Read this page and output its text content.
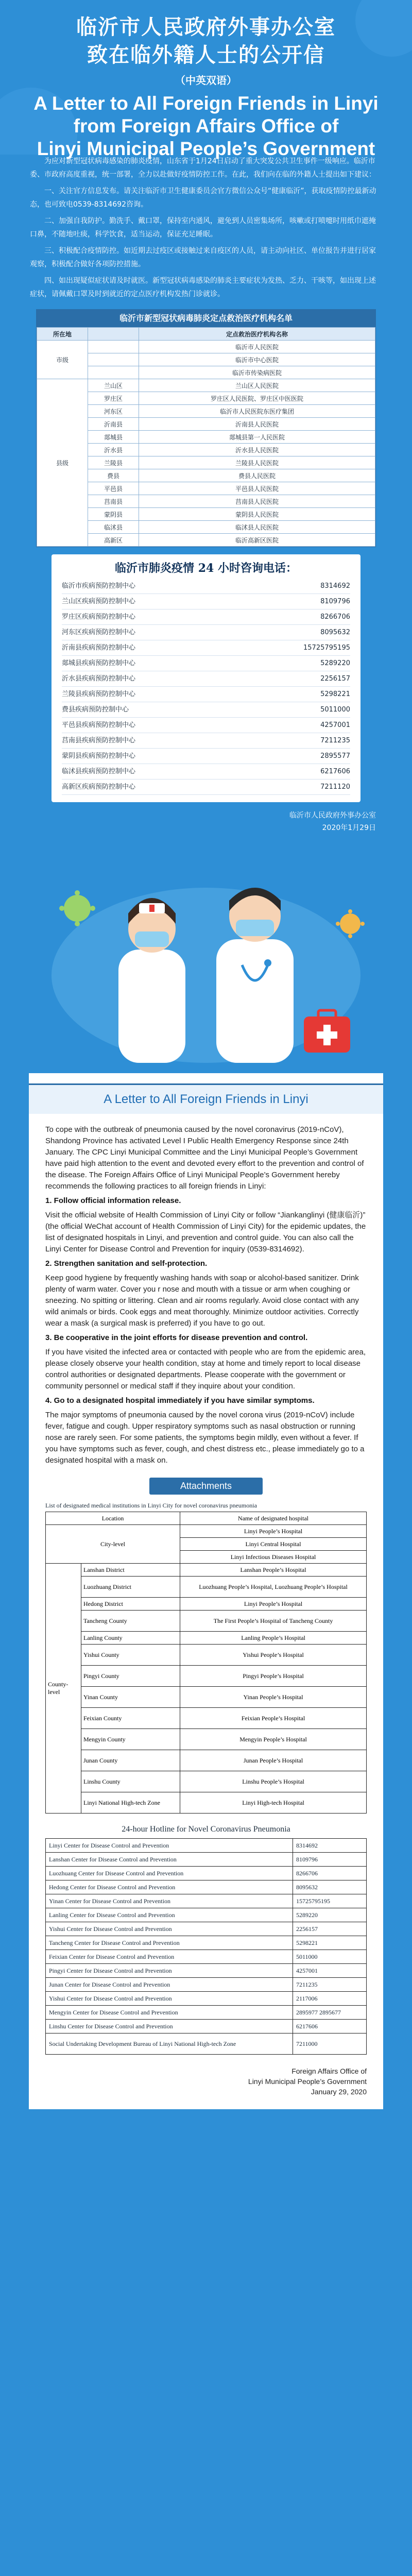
临沂市人民政府外事办公室
致在临外籍人士的公开信
（中英双语）
A Letter to All Foreign Friends in Linyi
from Foreign Affairs Office of
Linyi Municipal People’s Government

为应对新型冠状病毒感染的肺炎疫情，山东省于1月24日启动了重大突发公共卫生事件一级响应。临沂市委、市政府高度重视，统一部署，全力以赴做好疫情防控工作。在此，我们向在临的外籍人士提出如下建议：

一、关注官方信息发布。请关注临沂市卫生健康委员会官方微信公众号“健康临沂”，获取疫情防控最新动态，也可致电0539-8314692咨询。

二、加强自我防护。勤洗手、戴口罩，保持室内通风，避免到人员密集场所，咳嗽或打喷嚏时用纸巾遮掩口鼻，不随地吐痰，科学饮食，适当运动，保证充足睡眠。

三、积极配合疫情防控。如近期去过疫区或接触过来自疫区的人员，请主动向社区、单位报告并进行居家观察，积极配合做好各项防控措施。

四、如出现疑似症状请及时就医。新型冠状病毒感染的肺炎主要症状为发热、乏力、干咳等，如出现上述症状，请佩戴口罩及时到就近的定点医疗机构发热门诊就诊。

临沂市新型冠状病毒肺炎定点救治医疗机构名单
所在地		定点救治医疗机构名称
市级		临沂市人民医院
		临沂市中心医院
		临沂市传染病医院
县级	兰山区	兰山区人民医院
	罗庄区	罗庄区人民医院、罗庄区中医医院
	河东区	临沂市人民医院东医疗集团
	沂南县	沂南县人民医院
	郯城县	郯城县第一人民医院
	沂水县	沂水县人民医院
	兰陵县	兰陵县人民医院
	费县	费县人民医院
	平邑县	平邑县人民医院
	莒南县	莒南县人民医院
	蒙阴县	蒙阴县人民医院
	临沭县	临沭县人民医院
	高新区	临沂高新区医院
临沂市肺炎疫情 24 小时咨询电话：
临沂市疾病预防控制中心	8314692
兰山区疾病预防控制中心	8109796
罗庄区疾病预防控制中心	8266706
河东区疾病预防控制中心	8095632
沂南县疾病预防控制中心	15725795195
郯城县疾病预防控制中心	5289220
沂水县疾病预防控制中心	2256157
兰陵县疾病预防控制中心	5298221
费县疾病预防控制中心	5011000
平邑县疾病预防控制中心	4257001
莒南县疾病预防控制中心	7211235
蒙阴县疾病预防控制中心	2895577
临沭县疾病预防控制中心	6217606
高新区疾病预防控制中心	7211120
临沂市人民政府外事办公室
2020年1月29日
A Letter to All Foreign Friends in Linyi

To cope with the outbreak of pneumonia caused by the novel coronavirus (2019-nCoV), Shandong Province has activated Level I Public Health Emergency Response since 24th January. The CPC Linyi Municipal Committee and the Linyi Municipal People’s Government have paid high attention to the event and devoted every effort to the prevention and control of the disease. The Foreign Affairs Office of Linyi Municipal People’s Government hereby recommends the following practices to all foreign friends in Linyi:

1. Follow official information release.

Visit the official website of Health Commission of Linyi City or follow “Jiankanglinyi (健康临沂)” (the official WeChat account of Health Commission of Linyi City) for the epidemic updates, the list of designated hospitals in Linyi, and prevention and control guide. You can also call the Linyi Center for Disease Control and Prevention for inquiry (0539-8314692).

2. Strengthen sanitation and self-protection.

Keep good hygiene by frequently washing hands with soap or alcohol-based sanitizer. Drink plenty of warm water. Cover you r nose and mouth with a tissue or arm when coughing or sneezing. No spitting or littering. Clean and air rooms regularly. Avoid close contact with any wild animals or birds. Cook eggs and meat thoroughly. Minimize outdoor activities. Correctly wear a mask (a surgical mask is preferred) if you have to go out.

3. Be cooperative in the joint efforts for disease prevention and control.

If you have visited the infected area or contacted with people who are from the epidemic area, please closely observe your health condition, stay at home and timely report to local disease control authorities or designated departments. Please cooperate with the government or community personnel or medical staff if they inquire about your condition.

4. Go to a designated hospital immediately if you have similar symptoms.

The major symptoms of pneumonia caused by the novel corona virus (2019-nCoV) include fever, fatigue and cough. Upper respiratory symptoms such as nasal obstruction or running nose are rarely seen. For some patients, the symptoms begin mildly, even without a fever. If you have symptoms such as fever, cough, and chest distress etc., please immediately go to a designated hospital with a mask on.

Attachments
List of designated medical institutions in Linyi City for novel coronavirus pneumonia
Location		Name of designated hospital
City-level		Linyi People’s Hospital
		Linyi Central Hospital
		Linyi Infectious Diseases Hospital
County-level	Lanshan District	Lanshan People’s Hospital
	Luozhuang District	Luozhuang People’s Hospital, Luozhuang People’s Hospital
	Hedong District	Linyi People’s Hospital
	Tancheng County	The First People’s Hospital of Tancheng County
	Lanling County	Lanling People’s Hospital
	Yishui County	Yishui People’s Hospital
	Pingyi County	Pingyi People’s Hospital
	Yinan County	Yinan People’s Hospital
	Feixian County	Feixian People’s Hospital
	Mengyin County	Mengyin People’s Hospital
	Junan County	Junan People’s Hospital
	Linshu County	Linshu People’s Hospital
	Linyi National High-tech Zone	Linyi High-tech Hospital
24-hour Hotline for Novel Coronavirus Pneumonia
Linyi Center for Disease Control and Prevention	8314692
Lanshan Center for Disease Control and Prevention	8109796
Luozhuang Center for Disease Control and Prevention	8266706
Hedong Center for Disease Control and Prevention	8095632
Yinan Center for Disease Control and Prevention	15725795195
Lanling Center for Disease Control and Prevention	5289220
Yishui Center for Disease Control and Prevention	2256157
Tancheng Center for Disease Control and Prevention	5298221
Feixian Center for Disease Control and Prevention	5011000
Pingyi Center for Disease Control and Prevention	4257001
Junan Center for Disease Control and Prevention	7211235
Yishui Center for Disease Control and Prevention	2117006
Mengyin Center for Disease Control and Prevention	2895977 2895677
Linshu Center for Disease Control and Prevention	6217606
Social Undertaking Development Bureau of Linyi National High-tech Zone	7211000
Foreign Affairs Office of
Linyi Municipal People’s Government
January 29, 2020
